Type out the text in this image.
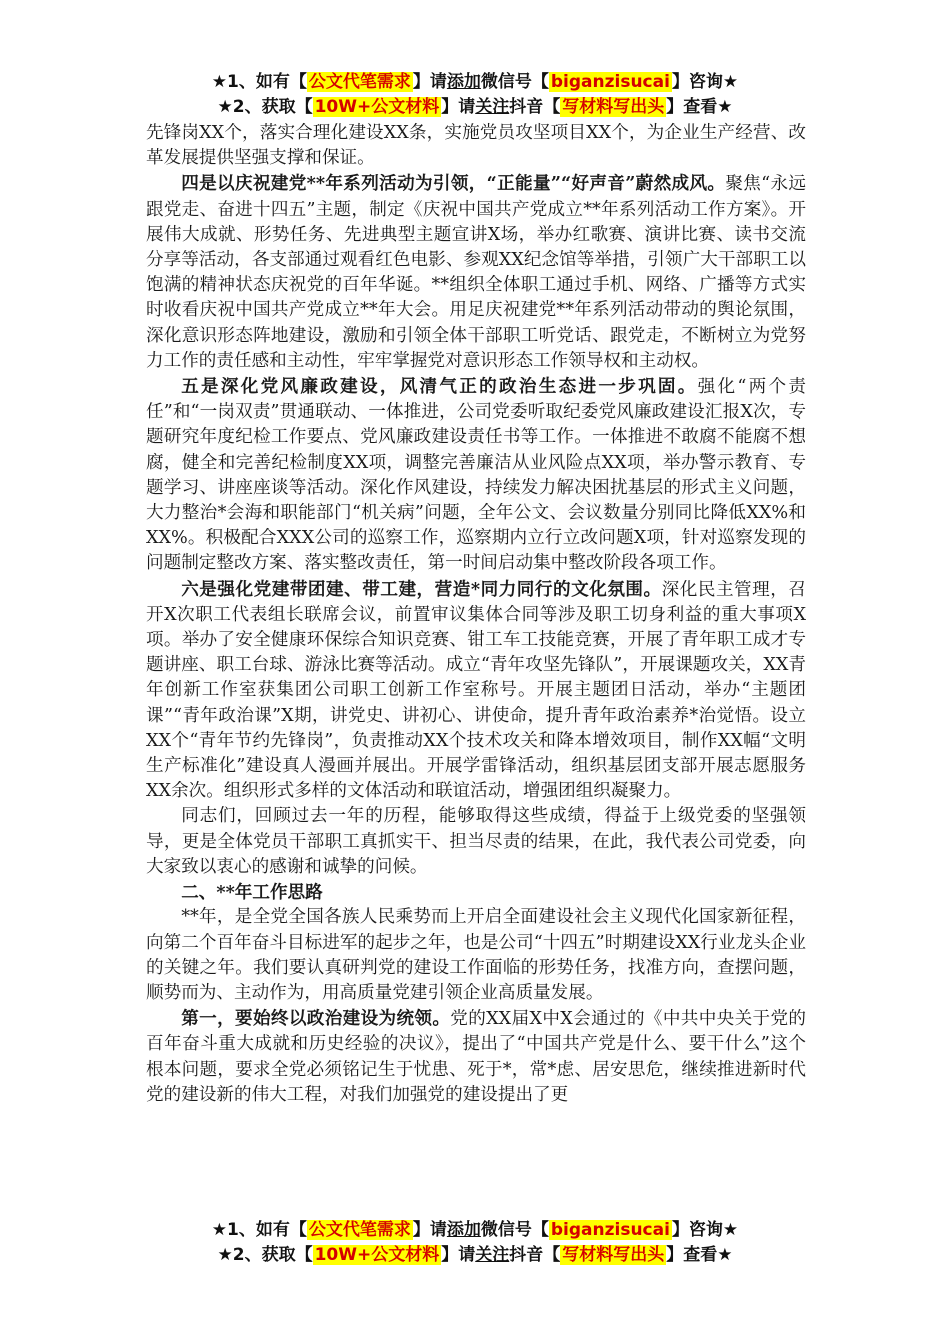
★1、如有【 公文代笔需求 】请添加微信号【 biganzisucai 】咨询★
★2、获取【 10W+公文材料 】请关注抖音【 写材料写出头 】查看★

先锋岗XX个，落实合理化建设XX条，实施党员攻坚项目XX个，为企业生产经营、改革发展提供坚强支撑和保证。

四是以庆祝建党**年系列活动为引领，“正能量”“好声音”蔚然成风。聚焦“永远跟党走、奋进十四五”主题，制定《庆祝中国共产党成立**年系列活动工作方案》。开展伟大成就、形势任务、先进典型主题宣讲X场，举办红歌赛、演讲比赛、读书交流分享等活动，各支部通过观看红色电影、参观XX纪念馆等举措，引领广大干部职工以饱满的精神状态庆祝党的百年华诞。**组织全体职工通过手机、网络、广播等方式实时收看庆祝中国共产党成立**年大会。用足庆祝建党**年系列活动带动的舆论氛围，深化意识形态阵地建设，激励和引领全体干部职工听党话、跟党走，不断树立为党努力工作的责任感和主动性，牢牢掌握党对意识形态工作领导权和主动权。

五是深化党风廉政建设，风清气正的政治生态进一步巩固。强化“两个责任”和“一岗双责”贯通联动、一体推进，公司党委听取纪委党风廉政建设汇报X次，专题研究年度纪检工作要点、党风廉政建设责任书等工作。一体推进不敢腐不能腐不想腐，健全和完善纪检制度XX项，调整完善廉洁从业风险点XX项，举办警示教育、专题学习、讲座座谈等活动。深化作风建设，持续发力解决困扰基层的形式主义问题，大力整治*会海和职能部门“机关病”问题，全年公文、会议数量分别同比降低XX%和XX%。积极配合XXX公司的巡察工作，巡察期内立行立改问题X项，针对巡察发现的问题制定整改方案、落实整改责任，第一时间启动集中整改阶段各项工作。

六是强化党建带团建、带工建，营造*同力同行的文化氛围。深化民主管理，召开X次职工代表组长联席会议，前置审议集体合同等涉及职工切身利益的重大事项X项。举办了安全健康环保综合知识竞赛、钳工车工技能竞赛，开展了青年职工成才专题讲座、职工台球、游泳比赛等活动。成立“青年攻坚先锋队”，开展课题攻关，XX青年创新工作室获集团公司职工创新工作室称号。开展主题团日活动，举办“主题团课”“青年政治课”X期，讲党史、讲初心、讲使命，提升青年政治素养*治觉悟。设立XX个“青年节约先锋岗”，负责推动XX个技术攻关和降本增效项目，制作XX幅“文明生产标准化”建设真人漫画并展出。开展学雷锋活动，组织基层团支部开展志愿服务XX余次。组织形式多样的文体活动和联谊活动，增强团组织凝聚力。

同志们，回顾过去一年的历程，能够取得这些成绩，得益于上级党委的坚强领导，更是全体党员干部职工真抓实干、担当尽责的结果，在此，我代表公司党委，向大家致以衷心的感谢和诚挚的问候。

二、**年工作思路

**年，是全党全国各族人民乘势而上开启全面建设社会主义现代化国家新征程，向第二个百年奋斗目标进军的起步之年，也是公司“十四五”时期建设XX行业龙头企业的关键之年。我们要认真研判党的建设工作面临的形势任务，找准方向，查摆问题，顺势而为、主动作为，用高质量党建引领企业高质量发展。

第一，要始终以政治建设为统领。党的XX届X中X会通过的《中共中央关于党的百年奋斗重大成就和历史经验的决议》，提出了“中国共产党是什么、要干什么”这个根本问题，要求全党必须铭记生于忧患、死于*，常*虑、居安思危，继续推进新时代党的建设新的伟大工程，对我们加强党的建设提出了更

★1、如有【 公文代笔需求 】请添加微信号【 biganzisucai 】咨询★
★2、获取【 10W+公文材料 】请关注抖音【 写材料写出头 】查看★
